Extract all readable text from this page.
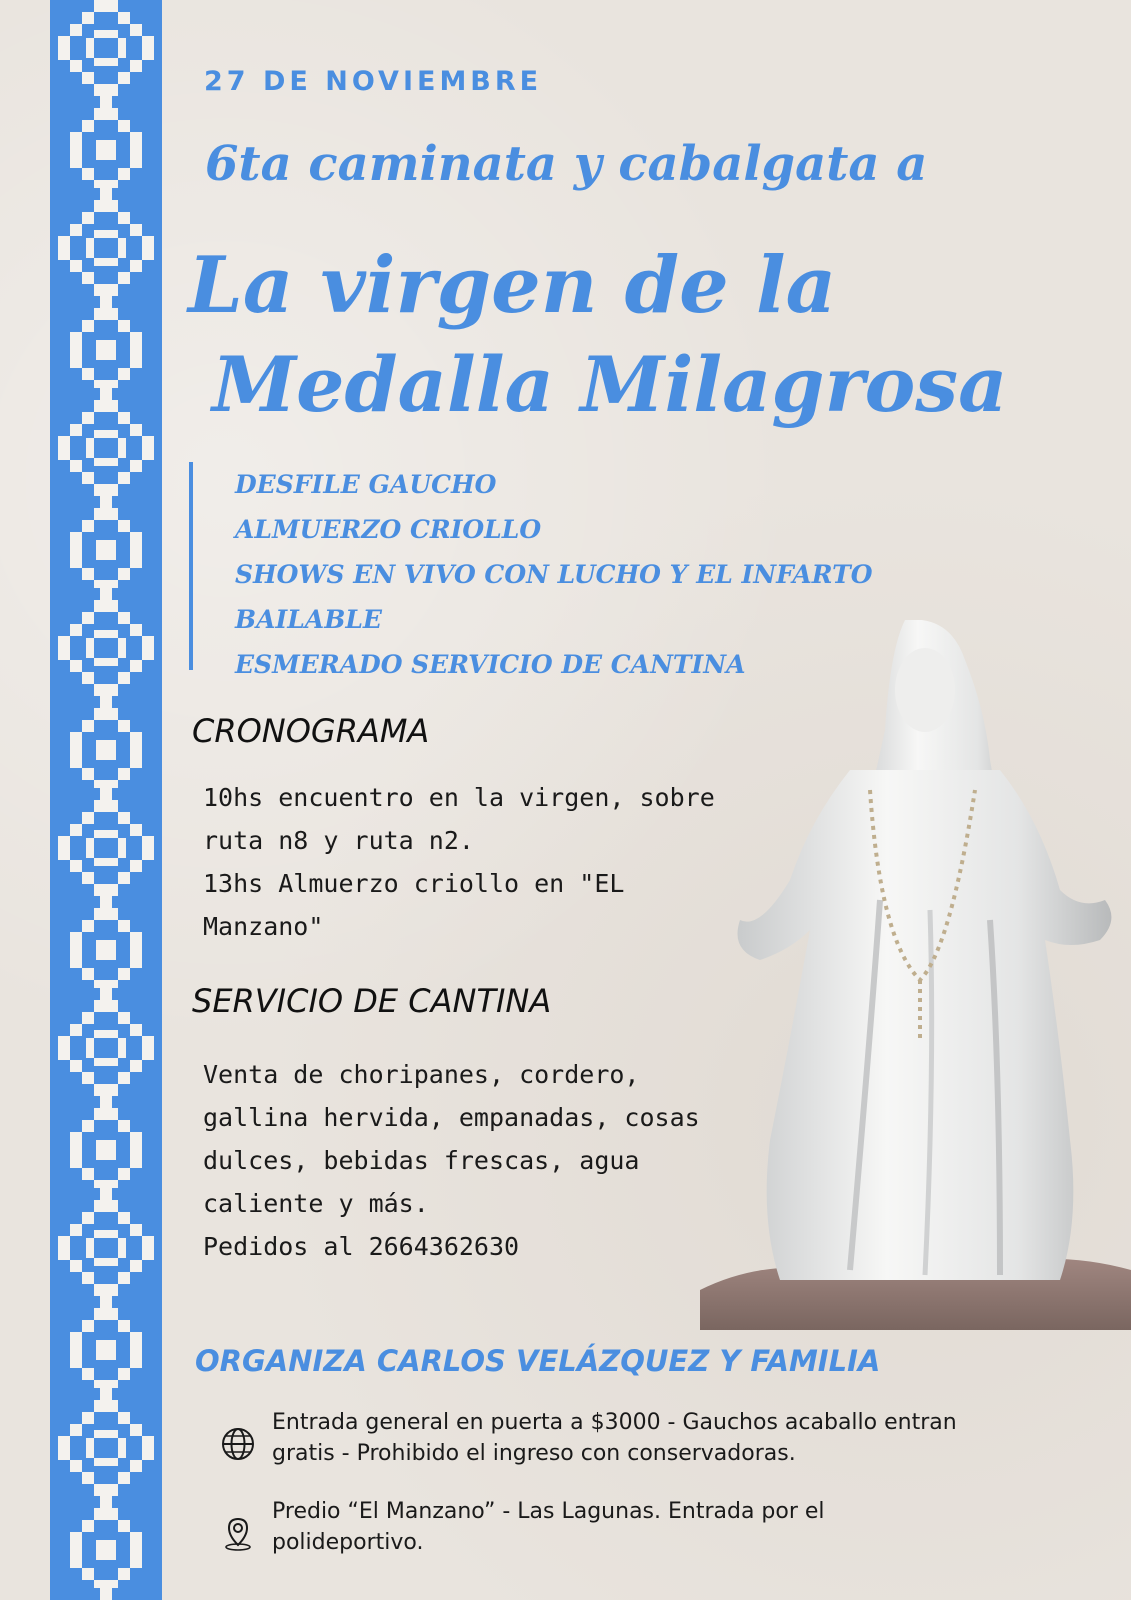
27 DE NOVIEMBRE
6ta caminata y cabalgata a
La virgen de la
Medalla Milagrosa
DESFILE GAUCHO
ALMUERZO CRIOLLO
SHOWS EN VIVO CON LUCHO Y EL INFARTO
BAILABLE
ESMERADO SERVICIO DE CANTINA
CRONOGRAMA
10hs encuentro en la virgen, sobre
ruta n8 y ruta n2.
13hs Almuerzo criollo en "EL
Manzano"
SERVICIO DE CANTINA
Venta de choripanes, cordero,
gallina hervida, empanadas, cosas
dulces, bebidas frescas, agua
caliente y más.
Pedidos al 2664362630
ORGANIZA CARLOS VELÁZQUEZ Y FAMILIA
Entrada general en puerta a $3000 - Gauchos acaballo entran
gratis - Prohibido el ingreso con conservadoras.
Predio “El Manzano” - Las Lagunas. Entrada por el
polideportivo.
